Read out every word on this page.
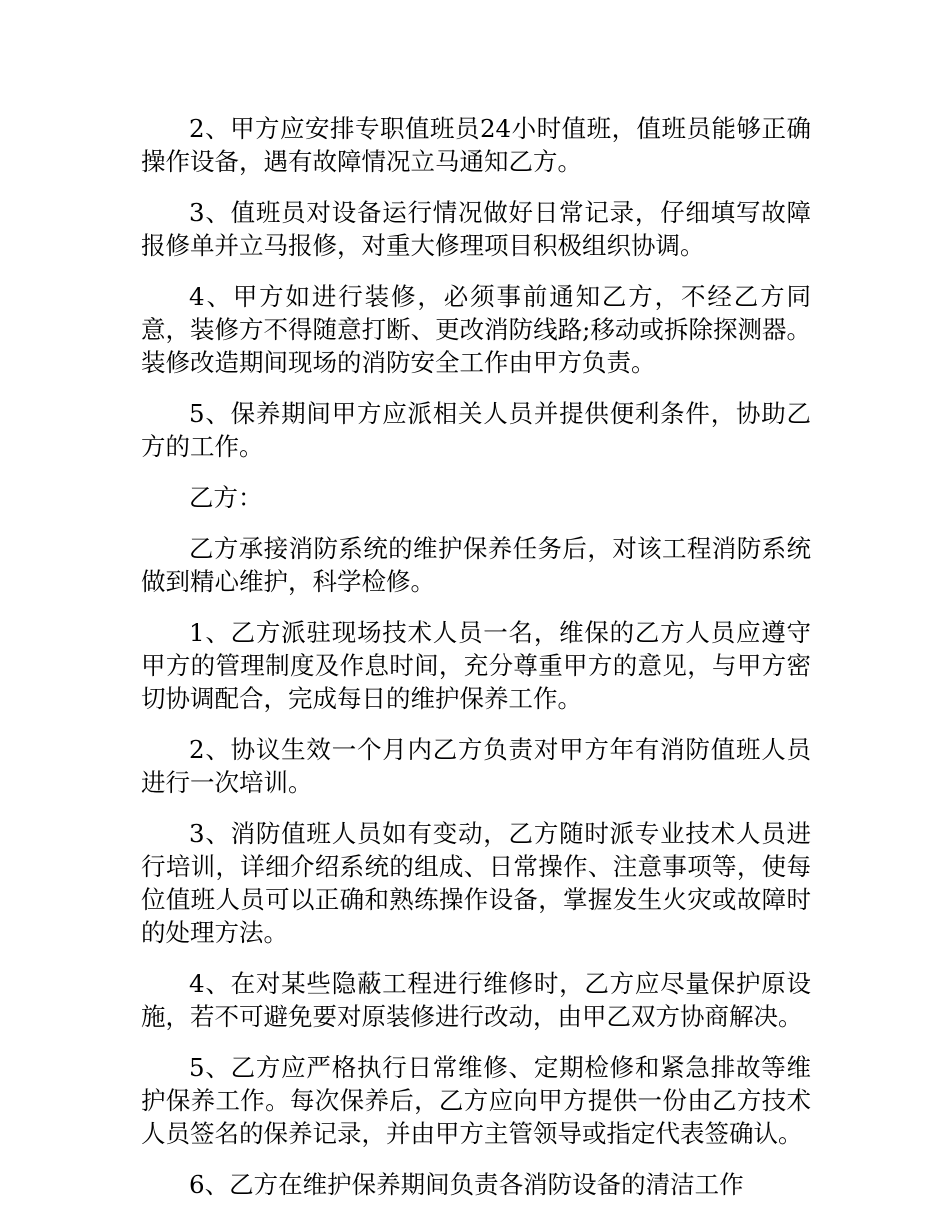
2、甲方应安排专职值班员24小时值班，值班员能够正确操作设备，遇有故障情况立马通知乙方。

3、值班员对设备运行情况做好日常记录，仔细填写故障报修单并立马报修，对重大修理项目积极组织协调。

4、甲方如进行装修，必须事前通知乙方，不经乙方同意，装修方不得随意打断、更改消防线路;移动或拆除探测器。装修改造期间现场的消防安全工作由甲方负责。

5、保养期间甲方应派相关人员并提供便利条件，协助乙方的工作。

乙方：

乙方承接消防系统的维护保养任务后，对该工程消防系统做到精心维护，科学检修。

1、乙方派驻现场技术人员一名，维保的乙方人员应遵守甲方的管理制度及作息时间，充分尊重甲方的意见，与甲方密切协调配合，完成每日的维护保养工作。

2、协议生效一个月内乙方负责对甲方年有消防值班人员进行一次培训。

3、消防值班人员如有变动，乙方随时派专业技术人员进行培训，详细介绍系统的组成、日常操作、注意事项等，使每位值班人员可以正确和熟练操作设备，掌握发生火灾或故障时的处理方法。

4、在对某些隐蔽工程进行维修时，乙方应尽量保护原设施，若不可避免要对原装修进行改动，由甲乙双方协商解决。

5、乙方应严格执行日常维修、定期检修和紧急排故等维护保养工作。每次保养后，乙方应向甲方提供一份由乙方技术人员签名的保养记录，并由甲方主管领导或指定代表签确认。

6、乙方在维护保养期间负责各消防设备的清洁工作
